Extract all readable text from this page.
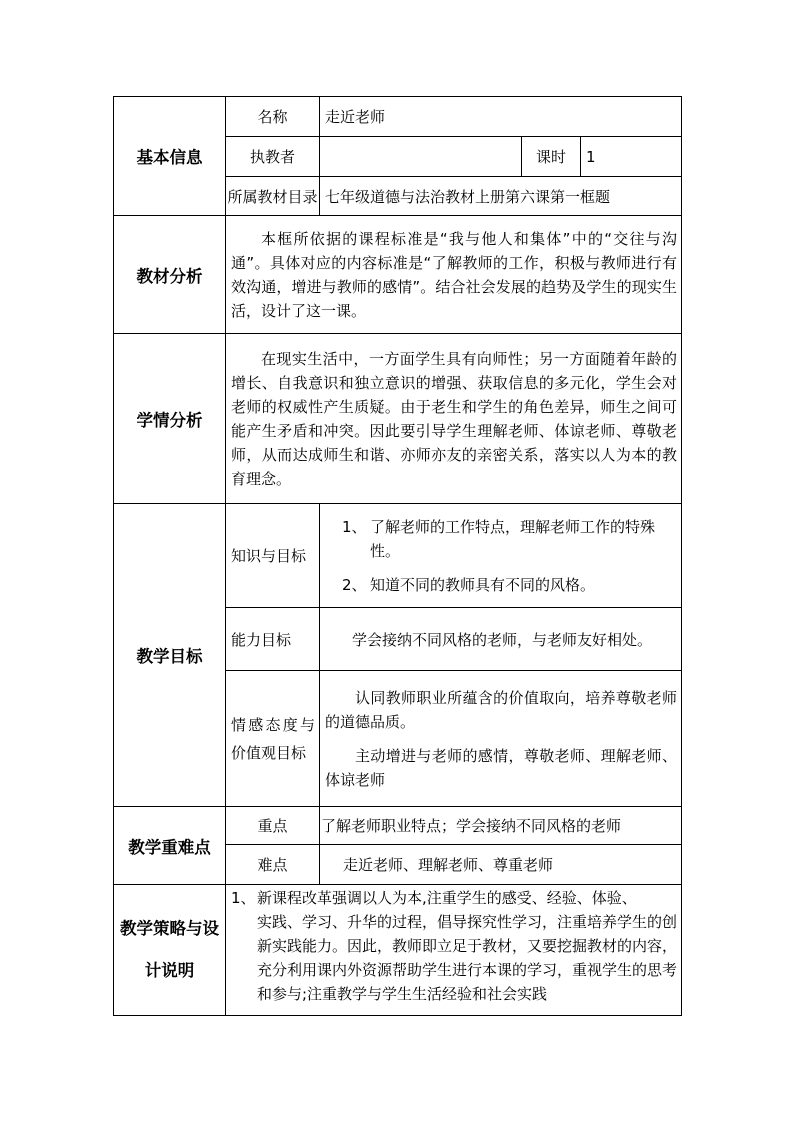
基本信息	名称	走近老师		
	执教者		课时	1
	所属教材目录	七年级道德与法治教材上册第六课第一框题		
教材分析	本框所依据的课程标准是“我与他人和集体”中的“交往与沟通”。具体对应的内容标准是“了解教师的工作，积极与教师进行有效沟通，增进与教师的感情”。结合社会发展的趋势及学生的现实生活，设计了这一课。			
学情分析	在现实生活中，一方面学生具有向师性；另一方面随着年龄的增长、自我意识和独立意识的增强、获取信息的多元化，学生会对老师的权威性产生质疑。由于老生和学生的角色差异，师生之间可能产生矛盾和冲突。因此要引导学生理解老师、体谅老师、尊敬老师，从而达成师生和谐、亦师亦友的亲密关系，落实以人为本的教育理念。			
教学目标	知识与目标	1、 了解老师的工作特点，理解老师工作的特殊性。
2、 知道不同的教师具有不同的风格。		

	能力目标	学会接纳不同风格的老师，与老师友好相处。		
	情感态度与价值观目标	认同教师职业所蕴含的价值取向，培养尊敬老师的道德品质。
主动增进与老师的感情，尊敬老师、理解老师、体谅老师		

教学重难点	重点	了解老师职业特点；学会接纳不同风格的老师		
	难点	走近老师、理解老师、尊重老师		
教学策略与设计说明	1、 新课程改革强调以人为本,注重学生的感受、经验、体验、
实践、学习、升华的过程，倡导探究性学习，注重培养学生的创新实践能力。因此，教师即立足于教材，又要挖掘教材的内容，充分利用课内外资源帮助学生进行本课的学习，重视学生的思考和参与;注重教学与学生生活经验和社会实践			
